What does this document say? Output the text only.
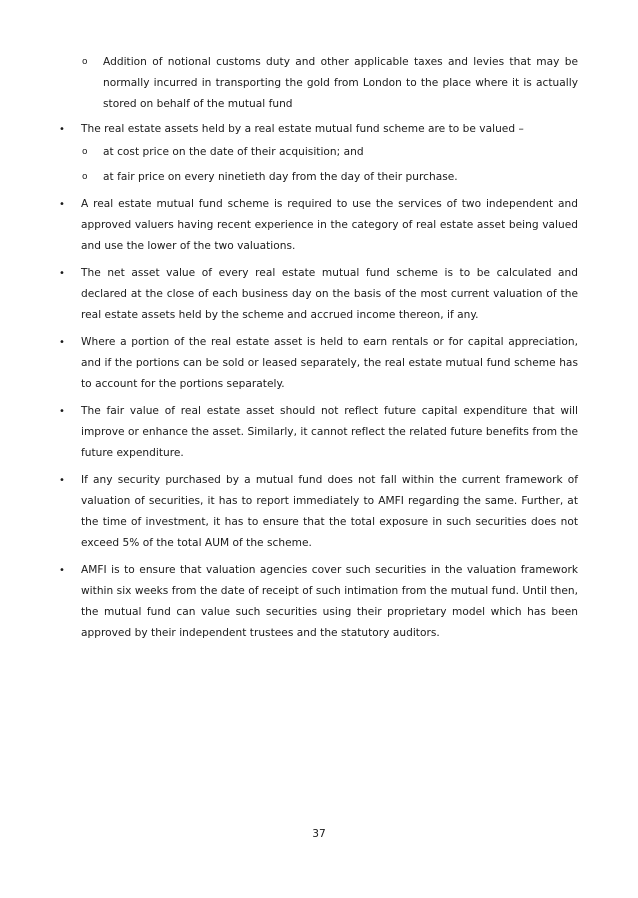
o Addition of notional customs duty and other applicable taxes and levies that may be normally incurred in transporting the gold from London to the place where it is actually stored on behalf of the mutual fund
•	The real estate assets held by a real estate mutual fund scheme are to be valued –
o	at cost price on the date of their acquisition; and
o	at fair price on every ninetieth day from the day of their purchase.
•	A real estate mutual fund scheme is required to use the services of two independent and approved valuers having recent experience in the category of real estate asset being valued and use the lower of the two valuations.
•	The net asset value of every real estate mutual fund scheme is to be calculated and declared at the close of each business day on the basis of the most current valuation of the real estate assets held by the scheme and accrued income thereon, if any.
•	Where a portion of the real estate asset is held to earn rentals or for capital appreciation, and if the portions can be sold or leased separately, the real estate mutual fund scheme has to account for the portions separately.
•	The fair value of real estate asset should not reflect future capital expenditure that will improve or enhance the asset. Similarly, it cannot reflect the related future benefits from the future expenditure.
•	If any security purchased by a mutual fund does not fall within the current framework of valuation of securities, it has to report immediately to AMFI regarding the same. Further, at the time of investment, it has to ensure that the total exposure in such securities does not exceed 5% of the total AUM of the scheme.
•	AMFI is to ensure that valuation agencies cover such securities in the valuation framework within six weeks from the date of receipt of such intimation from the mutual fund. Until then, the mutual fund can value such securities using their proprietary model which has been approved by their independent trustees and the statutory auditors.
37
